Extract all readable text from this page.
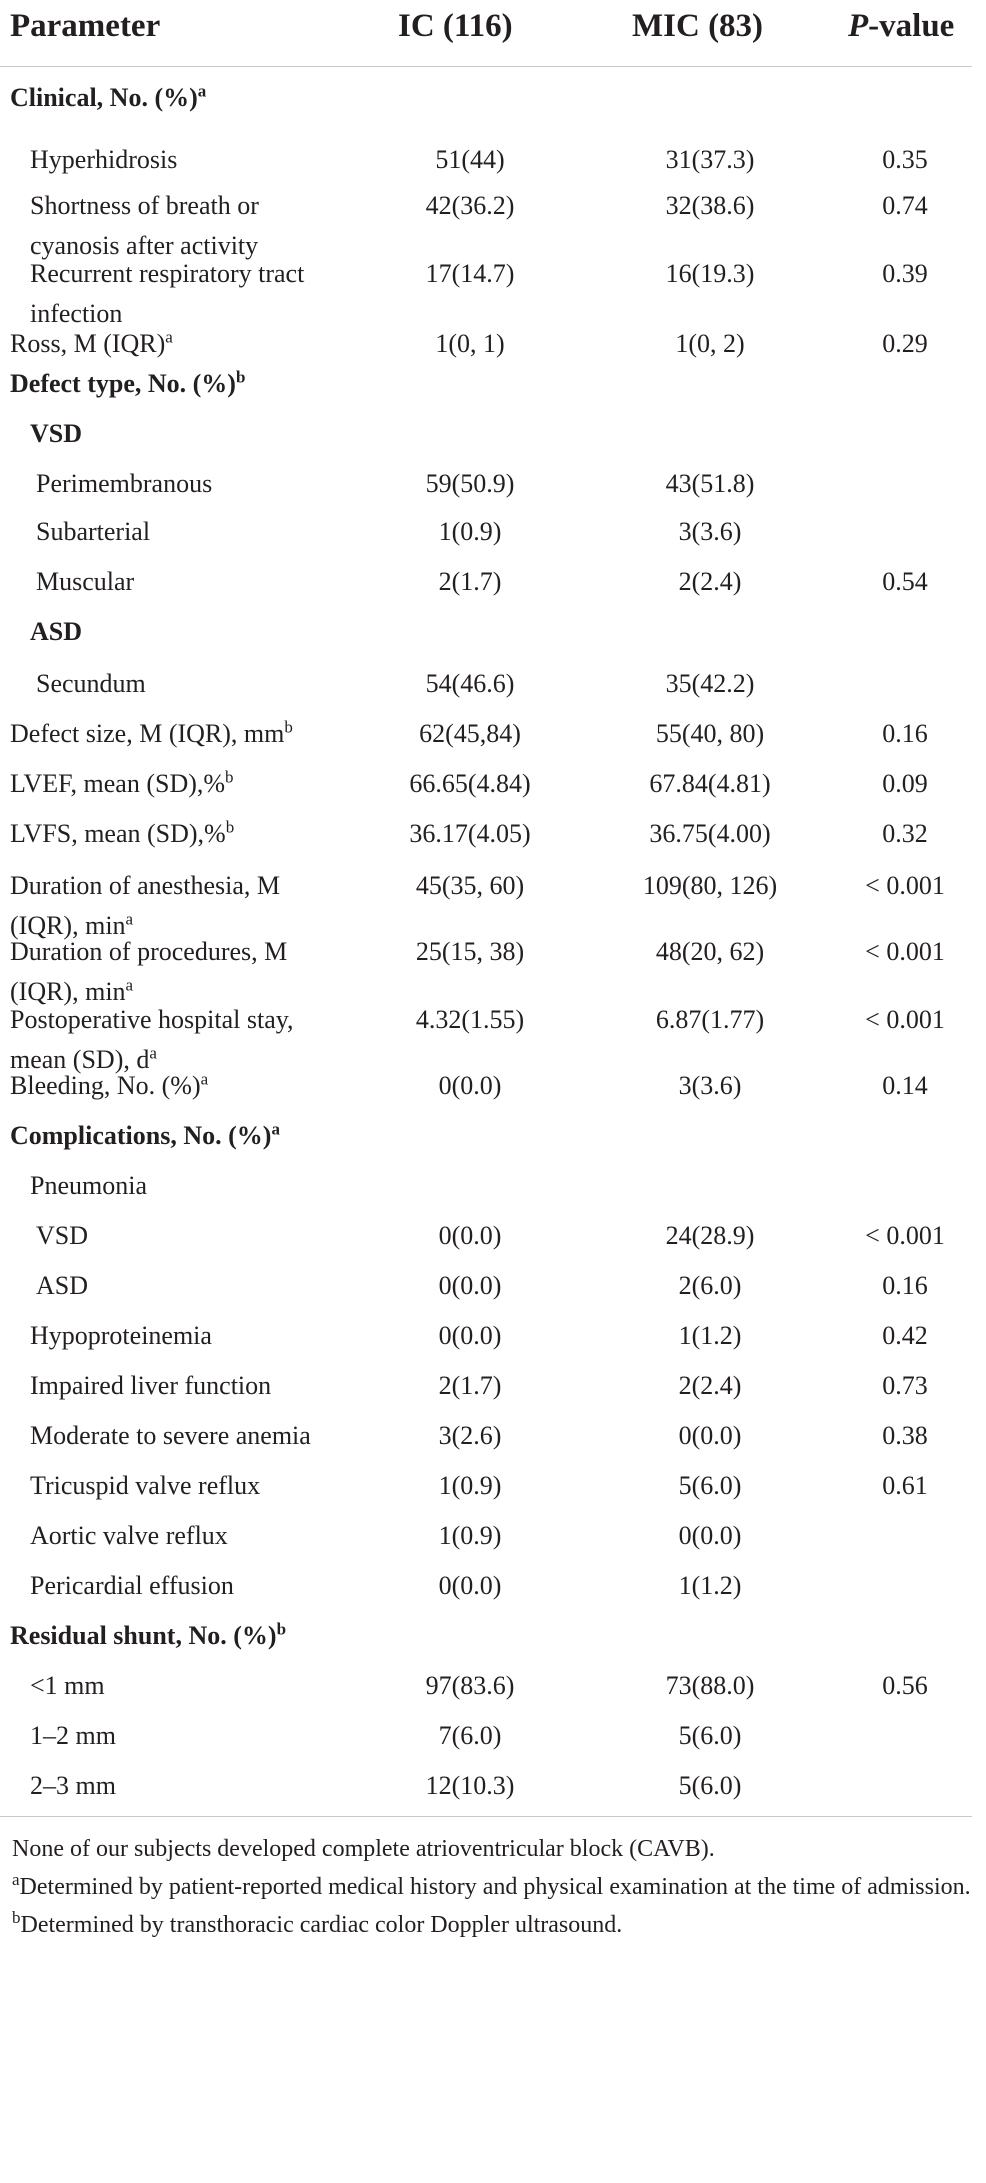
Parameter	IC (116)	MIC (83)	P-value
Clinical, No. (%)$^a$
Hyperhidrosis	51(44)	31(37.3)	0.35
Shortness of breath or
cyanosis after activity
42(36.2)	32(38.6)	0.74
Recurrent respiratory tract
infection
17(14.7)	16(19.3)	0.39
Ross, M (IQR)$^a$	1(0, 1)	1(0, 2)	0.29
Defect type, No. (%)$^b$
VSD
Perimembranous	59(50.9)	43(51.8)
Subarterial	1(0.9)	3(3.6)
Muscular	2(1.7)	2(2.4)	0.54
ASD
Secundum	54(46.6)	35(42.2)
Defect size, M (IQR), $mm^b$	62(45,84)	55(40, 80)	0.16
LVEF, mean (SD),%$^b$	66.65(4.84)	67.84(4.81)	0.09
LVFS, mean (SD),%$^b$	36.17(4.05)	36.75(4.00)	0.32
Duration of anesthesia, M
(IQR), $\min^a$
45(35, 60)	109(80, 126)	< 0.001
Duration of procedures, M
(IQR), $\min^a$
25(15, 38)	48(20, 62)	< 0.001
Postoperative hospital stay,
mean (SD), $d^a$
4.32(1.55)	6.87(1.77)	< 0.001
Bleeding, No. (%)$^a$	0(0.0)	3(3.6)	0.14
Complications, No. (%)$^a$
Pneumonia
VSD	0(0.0)	24(28.9)	< 0.001
ASD	0(0.0)	2(6.0)	0.16
Hypoproteinemia	0(0.0)	1(1.2)	0.42
Impaired liver function	2(1.7)	2(2.4)	0.73
Moderate to severe anemia	3(2.6)	0(0.0)	0.38
Tricuspid valve reflux	1(0.9)	5(6.0)	0.61
Aortic valve reflux	1(0.9)	0(0.0)
Pericardial effusion	0(0.0)	1(1.2)
Residual shunt, No. (%)$^b$
<1 mm	97(83.6)	73(88.0)	0.56
1–2 mm	7(6.0)	5(6.0)
2–3 mm	12(10.3)	5(6.0)
None of our subjects developed complete atrioventricular block (CAVB).
$^a$Determined by patient-reported medical history and physical examination at the time of admission.
$^b$Determined by transthoracic cardiac color Doppler ultrasound.
